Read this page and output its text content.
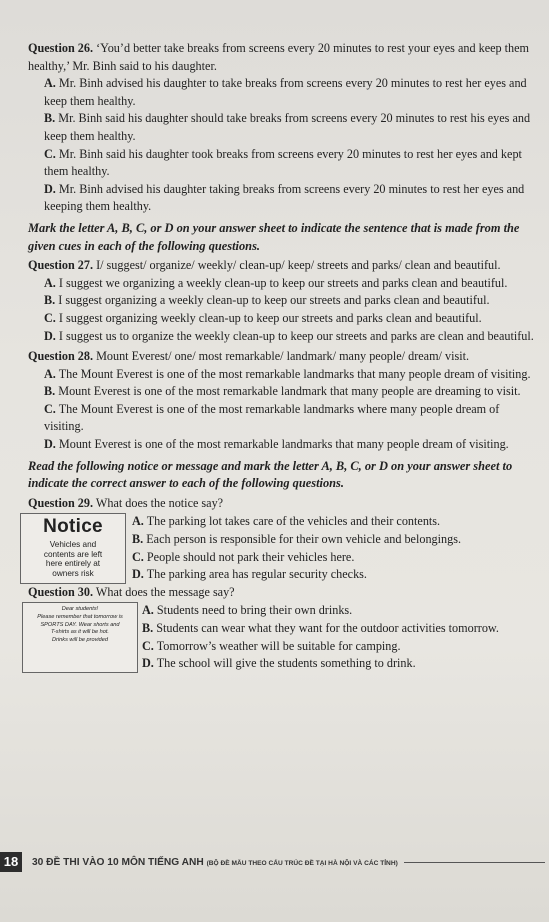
Question 26. ‘You’d better take breaks from screens every 20 minutes to rest your eyes and keep them healthy,’ Mr. Binh said to his daughter.

A. Mr. Binh advised his daughter to take breaks from screens every 20 minutes to rest her eyes and keep them healthy.

B. Mr. Binh said his daughter should take breaks from screens every 20 minutes to rest his eyes and keep them healthy.

C. Mr. Binh said his daughter took breaks from screens every 20 minutes to rest her eyes and kept them healthy.

D. Mr. Binh advised his daughter taking breaks from screens every 20 minutes to rest her eyes and keeping them healthy.

Mark the letter A, B, C, or D on your answer sheet to indicate the sentence that is made from the given cues in each of the following questions.

Question 27. I/ suggest/ organize/ weekly/ clean-up/ keep/ streets and parks/ clean and beautiful.

A. I suggest we organizing a weekly clean-up to keep our streets and parks clean and beautiful.

B. I suggest organizing a weekly clean-up to keep our streets and parks clean and beautiful.

C. I suggest organizing weekly clean-up to keep our streets and parks clean and beautiful.

D. I suggest us to organize the weekly clean-up to keep our streets and parks are clean and beautiful.

Question 28. Mount Everest/ one/ most remarkable/ landmark/ many people/ dream/ visit.

A. The Mount Everest is one of the most remarkable landmarks that many people dream of visiting.

B. Mount Everest is one of the most remarkable landmark that many people are dreaming to visit.

C. The Mount Everest is one of the most remarkable landmarks where many people dream of visiting.

D. Mount Everest is one of the most remarkable landmarks that many people dream of visiting.

Read the following notice or message and mark the letter A, B, C, or D on your answer sheet to indicate the correct answer to each of the following questions.

Question 29. What does the notice say?

Notice
Vehicles and
contents are left
here entirely at
owners risk

A. The parking lot takes care of the vehicles and their contents.

B. Each person is responsible for their own vehicle and belongings.

C. People should not park their vehicles here.

D. The parking area has regular security checks.

Question 30. What does the message say?

Dear students!
Please remember that tomorrow is
SPORTS DAY. Wear shorts and
T-shirts as it will be hot.
Drinks will be provided

A. Students need to bring their own drinks.

B. Students can wear what they want for the outdoor activities tomorrow.

C. Tomorrow’s weather will be suitable for camping.

D. The school will give the students something to drink.

18	30 ĐỀ THI VÀO 10 MÔN TIẾNG ANH (BỘ ĐỀ MẪU THEO CẤU TRÚC ĐỀ TẠI HÀ NỘI VÀ CÁC TỈNH)
